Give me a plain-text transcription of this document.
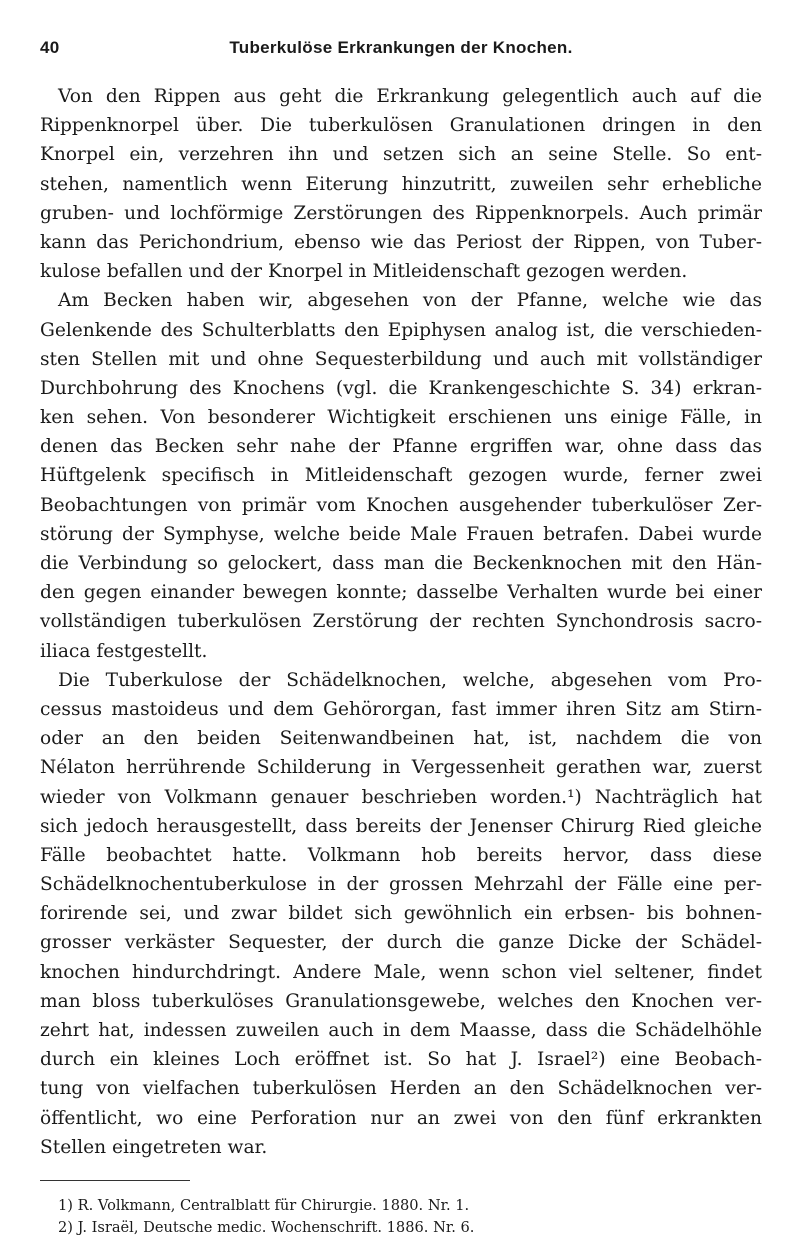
40	Tuberkulöse Erkrankungen der Knochen.
Von den Rippen aus geht die Erkrankung gelegentlich auch auf die
Rippenknorpel über. Die tuberkulösen Granulationen dringen in den
Knorpel ein, verzehren ihn und setzen sich an seine Stelle. So ent-
stehen, namentlich wenn Eiterung hinzutritt, zuweilen sehr erhebliche
gruben- und lochförmige Zerstörungen des Rippenknorpels. Auch primär
kann das Perichondrium, ebenso wie das Periost der Rippen, von Tuber-
kulose befallen und der Knorpel in Mitleidenschaft gezogen werden.
Am Becken haben wir, abgesehen von der Pfanne, welche wie das
Gelenkende des Schulterblatts den Epiphysen analog ist, die verschieden-
sten Stellen mit und ohne Sequesterbildung und auch mit vollständiger
Durchbohrung des Knochens (vgl. die Krankengeschichte S. 34) erkran-
ken sehen. Von besonderer Wichtigkeit erschienen uns einige Fälle, in
denen das Becken sehr nahe der Pfanne ergriffen war, ohne dass das
Hüftgelenk specifisch in Mitleidenschaft gezogen wurde, ferner zwei
Beobachtungen von primär vom Knochen ausgehender tuberkulöser Zer-
störung der Symphyse, welche beide Male Frauen betrafen. Dabei wurde
die Verbindung so gelockert, dass man die Beckenknochen mit den Hän-
den gegen einander bewegen konnte; dasselbe Verhalten wurde bei einer
vollständigen tuberkulösen Zerstörung der rechten Synchondrosis sacro-
iliaca festgestellt.
Die Tuberkulose der Schädelknochen, welche, abgesehen vom Pro-
cessus mastoideus und dem Gehörorgan, fast immer ihren Sitz am Stirn-
oder an den beiden Seitenwandbeinen hat, ist, nachdem die von
Nélaton herrührende Schilderung in Vergessenheit gerathen war, zuerst
wieder von Volkmann genauer beschrieben worden.¹) Nachträglich hat
sich jedoch herausgestellt, dass bereits der Jenenser Chirurg Ried gleiche
Fälle beobachtet hatte. Volkmann hob bereits hervor, dass diese
Schädelknochentuberkulose in der grossen Mehrzahl der Fälle eine per-
forirende sei, und zwar bildet sich gewöhnlich ein erbsen- bis bohnen-
grosser verkäster Sequester, der durch die ganze Dicke der Schädel-
knochen hindurchdringt. Andere Male, wenn schon viel seltener, findet
man bloss tuberkulöses Granulationsgewebe, welches den Knochen ver-
zehrt hat, indessen zuweilen auch in dem Maasse, dass die Schädelhöhle
durch ein kleines Loch eröffnet ist. So hat J. Israel²) eine Beobach-
tung von vielfachen tuberkulösen Herden an den Schädelknochen ver-
öffentlicht, wo eine Perforation nur an zwei von den fünf erkrankten
Stellen eingetreten war.
1) R. Volkmann, Centralblatt für Chirurgie. 1880. Nr. 1.
2) J. Israël, Deutsche medic. Wochenschrift. 1886. Nr. 6.
